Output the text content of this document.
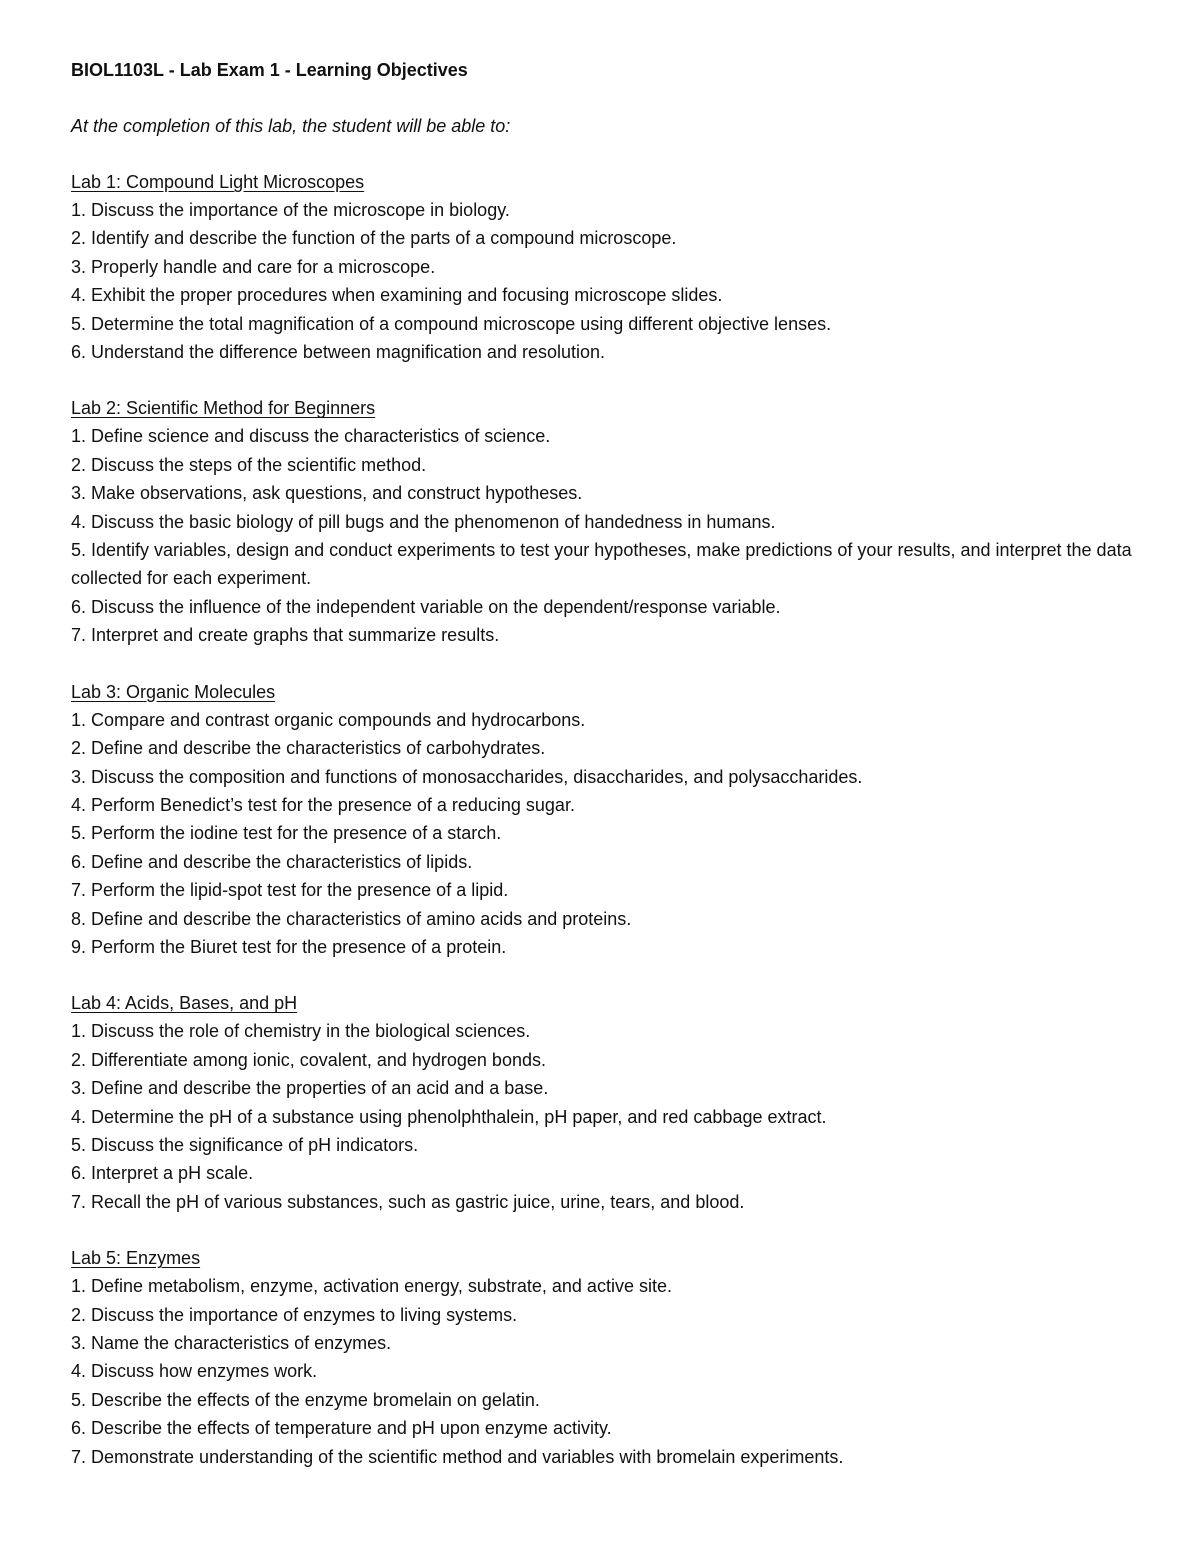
BIOL1103L - Lab Exam 1 - Learning Objectives
At the completion of this lab, the student will be able to:
Lab 1: Compound Light Microscopes
1. Discuss the importance of the microscope in biology.
2. Identify and describe the function of the parts of a compound microscope.
3. Properly handle and care for a microscope.
4. Exhibit the proper procedures when examining and focusing microscope slides.
5. Determine the total magnification of a compound microscope using different objective lenses.
6. Understand the difference between magnification and resolution.
Lab 2: Scientific Method for Beginners
1. Define science and discuss the characteristics of science.
2. Discuss the steps of the scientific method.
3. Make observations, ask questions, and construct hypotheses.
4. Discuss the basic biology of pill bugs and the phenomenon of handedness in humans.
5. Identify variables, design and conduct experiments to test your hypotheses, make predictions of your results, and interpret the data collected for each experiment.
6. Discuss the influence of the independent variable on the dependent/response variable.
7. Interpret and create graphs that summarize results.
Lab 3: Organic Molecules
1. Compare and contrast organic compounds and hydrocarbons.
2. Define and describe the characteristics of carbohydrates.
3. Discuss the composition and functions of monosaccharides, disaccharides, and polysaccharides.
4. Perform Benedict’s test for the presence of a reducing sugar.
5. Perform the iodine test for the presence of a starch.
6. Define and describe the characteristics of lipids.
7. Perform the lipid-spot test for the presence of a lipid.
8. Define and describe the characteristics of amino acids and proteins.
9. Perform the Biuret test for the presence of a protein.
Lab 4: Acids, Bases, and pH
1. Discuss the role of chemistry in the biological sciences.
2. Differentiate among ionic, covalent, and hydrogen bonds.
3. Define and describe the properties of an acid and a base.
4. Determine the pH of a substance using phenolphthalein, pH paper, and red cabbage extract.
5. Discuss the significance of pH indicators.
6. Interpret a pH scale.
7. Recall the pH of various substances, such as gastric juice, urine, tears, and blood.
Lab 5: Enzymes
1. Define metabolism, enzyme, activation energy, substrate, and active site.
2. Discuss the importance of enzymes to living systems.
3. Name the characteristics of enzymes.
4. Discuss how enzymes work.
5. Describe the effects of the enzyme bromelain on gelatin.
6. Describe the effects of temperature and pH upon enzyme activity.
7. Demonstrate understanding of the scientific method and variables with bromelain experiments.
